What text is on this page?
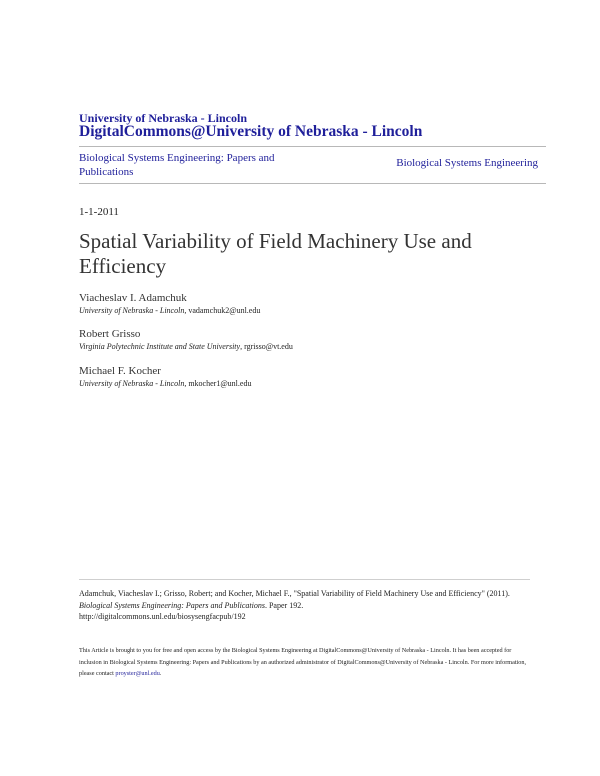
University of Nebraska - Lincoln
DigitalCommons@University of Nebraska - Lincoln
Biological Systems Engineering: Papers and Publications
Biological Systems Engineering
1-1-2011
Spatial Variability of Field Machinery Use and Efficiency
Viacheslav I. Adamchuk
University of Nebraska - Lincoln, vadamchuk2@unl.edu
Robert Grisso
Virginia Polytechnic Institute and State University, rgrisso@vt.edu
Michael F. Kocher
University of Nebraska - Lincoln, mkocher1@unl.edu
Adamchuk, Viacheslav I.; Grisso, Robert; and Kocher, Michael F., "Spatial Variability of Field Machinery Use and Efficiency" (2011).
Biological Systems Engineering: Papers and Publications. Paper 192.
http://digitalcommons.unl.edu/biosysengfacpub/192
This Article is brought to you for free and open access by the Biological Systems Engineering at DigitalCommons@University of Nebraska - Lincoln. It has been accepted for inclusion in Biological Systems Engineering: Papers and Publications by an authorized administrator of DigitalCommons@University of Nebraska - Lincoln. For more information, please contact proyster@unl.edu.
